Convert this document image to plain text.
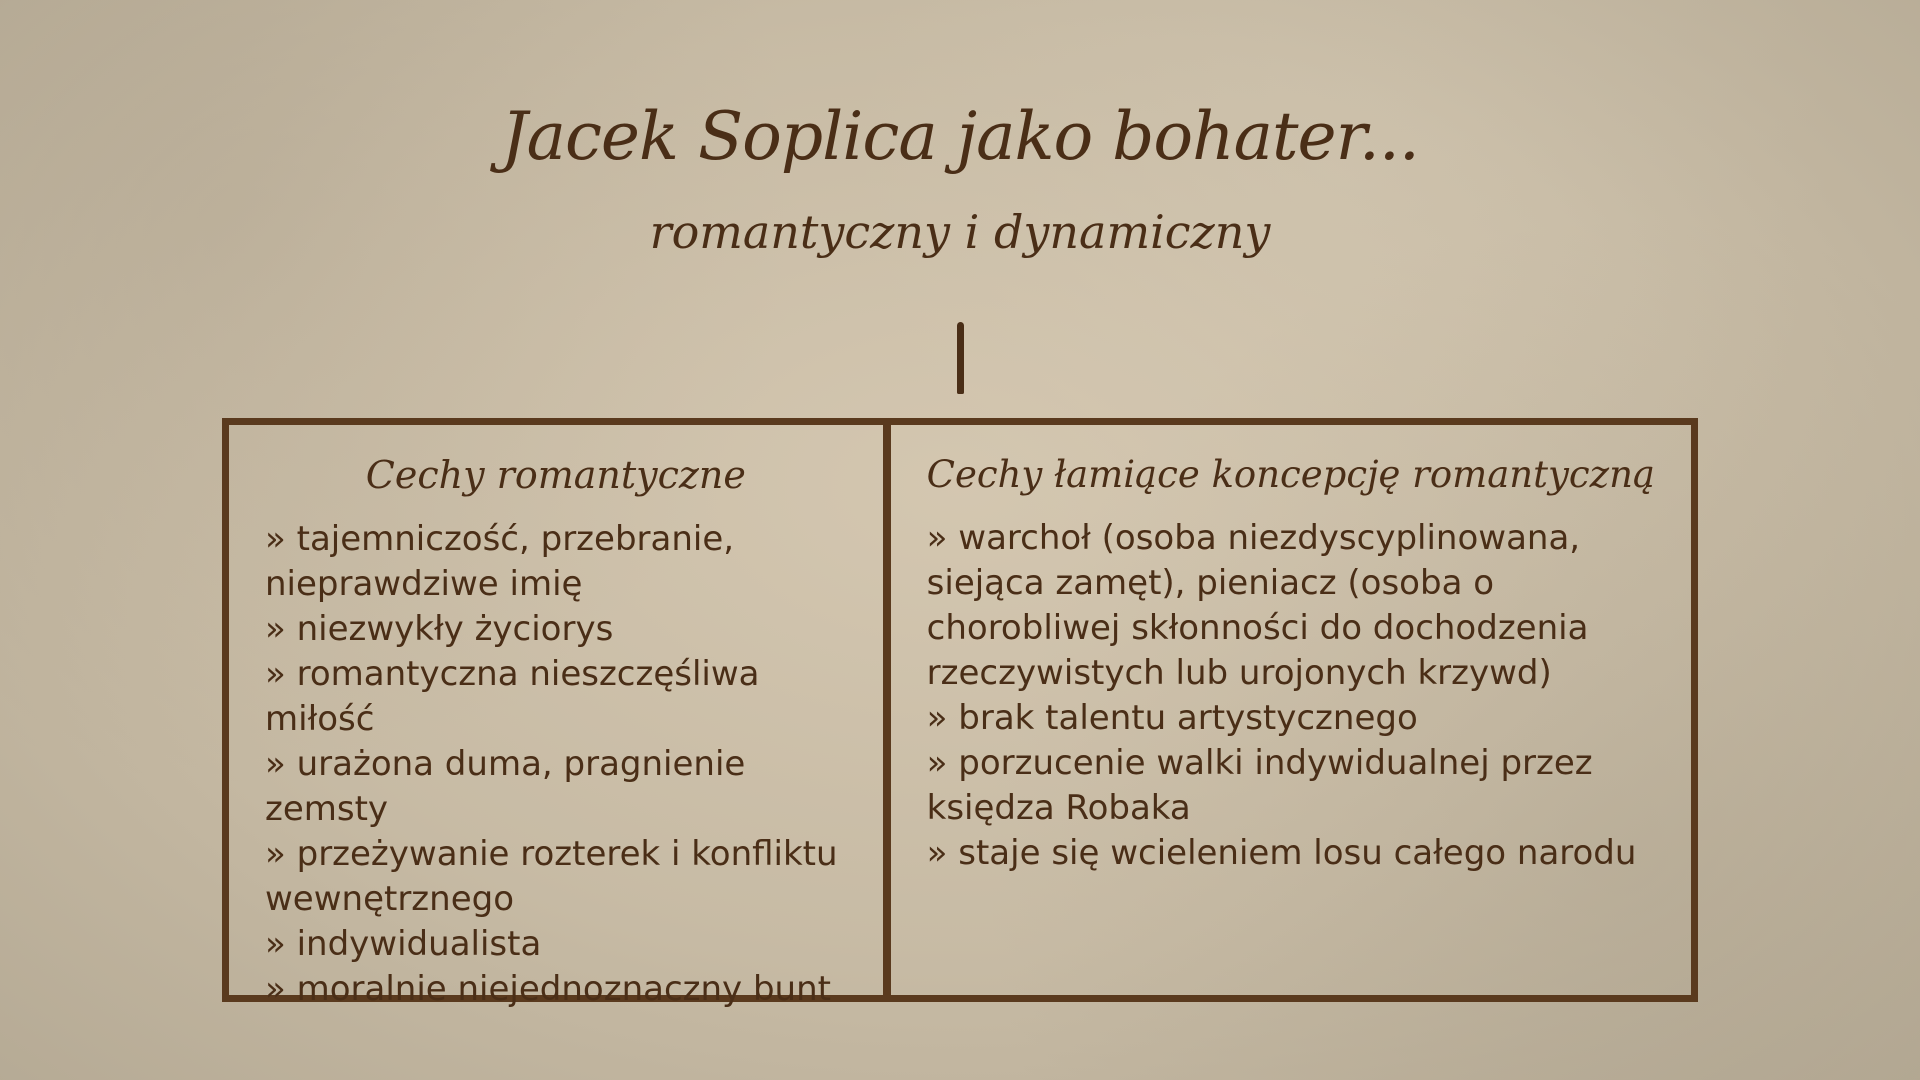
Jacek Soplica jako bohater...
romantyczny i dynamiczny
Cechy romantyczne
» tajemniczość, przebranie, nieprawdziwe imię
» niezwykły życiorys
» romantyczna nieszczęśliwa miłość
» urażona duma, pragnienie zemsty
» przeżywanie rozterek i konfliktu wewnętrznego
» indywidualista
» moralnie niejednoznaczny bunt
Cechy łamiące koncepcję romantyczną
» warchoł (osoba niezdyscyplinowana, siejąca zamęt), pieniacz (osoba o chorobliwej skłonności do dochodzenia rzeczywistych lub urojonych krzywd)
» brak talentu artystycznego
» porzucenie walki indywidualnej przez księdza Robaka
» staje się wcieleniem losu całego narodu
